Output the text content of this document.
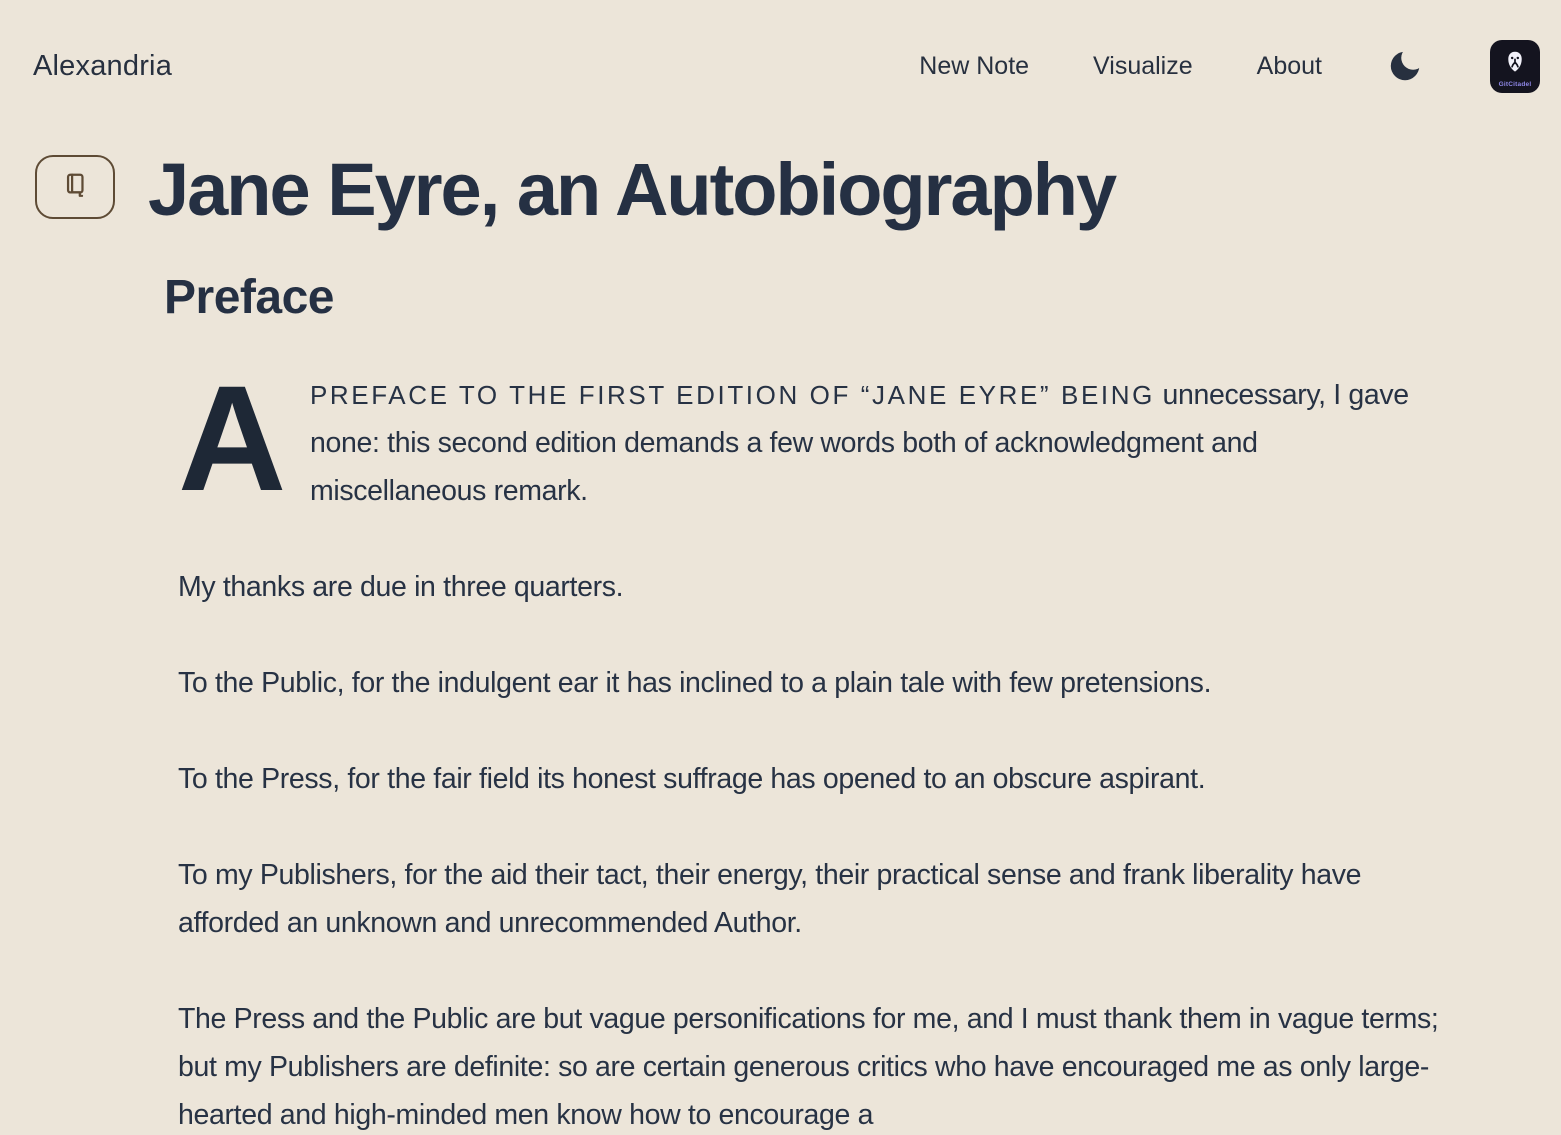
Alexandria	New Note	Visualize	About
GitCitadel
Jane Eyre, an Autobiography
Preface

APREFACE TO THE FIRST EDITION OF “JANE EYRE” BEING unnecessary, I gave none: this second edition demands a few words both of acknowledgment and miscellaneous remark.

My thanks are due in three quarters.

To the Public, for the indulgent ear it has inclined to a plain tale with few pretensions.

To the Press, for the fair field its honest suffrage has opened to an obscure aspirant.

To my Publishers, for the aid their tact, their energy, their practical sense and frank liberality have afforded an unknown and unrecommended Author.

The Press and the Public are but vague personifications for me, and I must thank them in vague terms; but my Publishers are definite: so are certain generous critics who have encouraged me as only large-hearted and high-minded men know how to encourage a
